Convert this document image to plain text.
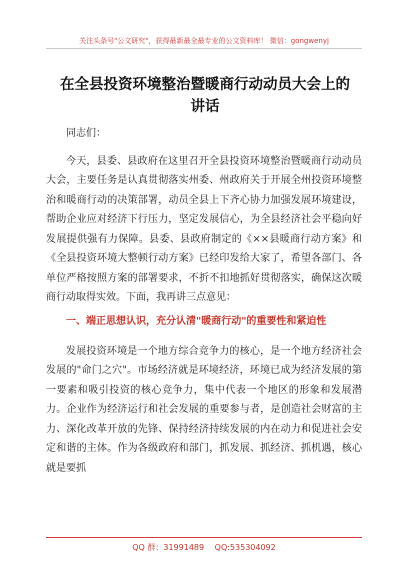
关注头条号"公文研究"，获得最新最全最专业的公文资料库！ 微信：gongwenyj
在全县投资环境整治暨暖商行动动员大会上的
讲话

同志们：

今天，县委、县政府在这里召开全县投资环境整治暨暖商行动动员大会，主要任务是认真贯彻落实州委、州政府关于开展全州投资环境整治和暖商行动的决策部署，动员全县上下齐心协力加强发展环境建设，帮助企业应对经济下行压力，坚定发展信心，为全县经济社会平稳向好发展提供强有力保障。县委、县政府制定的《××县暖商行动方案》和《全县投资环境大整顿行动方案》已经印发给大家了，希望各部门、各单位严格按照方案的部署要求，不折不扣地抓好贯彻落实，确保这次暖商行动取得实效。下面，我再讲三点意见：

一、端正思想认识，充分认清"暖商行动"的重要性和紧迫性

发展投资环境是一个地方综合竞争力的核心，是一个地方经济社会发展的"命门之穴"。市场经济就是环境经济，环境已成为经济发展的第一要素和吸引投资的核心竞争力，集中代表一个地区的形象和发展潜力。企业作为经济运行和社会发展的重要参与者，是创造社会财富的主力、深化改革开放的先锋、保持经济持续发展的内在动力和促进社会安定和谐的主体。作为各级政府和部门，抓发展、抓经济、抓机遇，核心就是要抓

QQ 群：31991489 QQ:535304092
